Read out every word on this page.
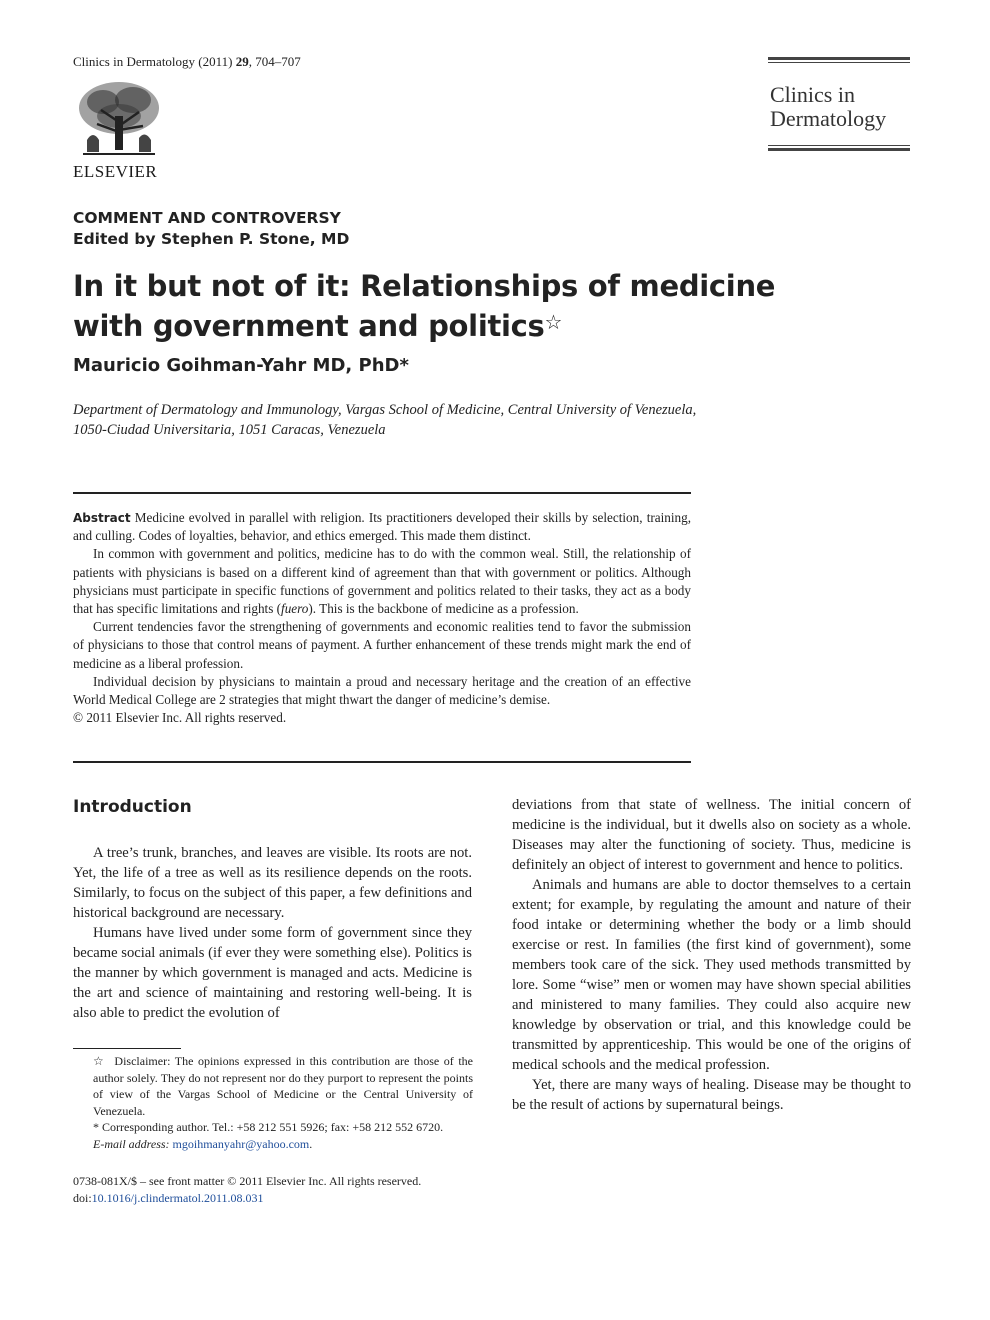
Clinics in Dermatology (2011) 29, 704–707
ELSEVIER
Clinics in
Dermatology
COMMENT AND CONTROVERSY
Edited by Stephen P. Stone, MD
In it but not of it: Relationships of medicine with government and politics☆
Mauricio Goihman-Yahr MD, PhD*
Department of Dermatology and Immunology, Vargas School of Medicine, Central University of Venezuela,
1050-Ciudad Universitaria, 1051 Caracas, Venezuela

Abstract Medicine evolved in parallel with religion. Its practitioners developed their skills by selection, training, and culling. Codes of loyalties, behavior, and ethics emerged. This made them distinct.

In common with government and politics, medicine has to do with the common weal. Still, the relationship of patients with physicians is based on a different kind of agreement than that with government or politics. Although physicians must participate in specific functions of government and politics related to their tasks, they act as a body that has specific limitations and rights (fuero). This is the backbone of medicine as a profession.

Current tendencies favor the strengthening of governments and economic realities tend to favor the submission of physicians to those that control means of payment. A further enhancement of these trends might mark the end of medicine as a liberal profession.

Individual decision by physicians to maintain a proud and necessary heritage and the creation of an effective World Medical College are 2 strategies that might thwart the danger of medicine’s demise.

© 2011 Elsevier Inc. All rights reserved.

Introduction

A tree’s trunk, branches, and leaves are visible. Its roots are not. Yet, the life of a tree as well as its resilience depends on the roots. Similarly, to focus on the subject of this paper, a few definitions and historical background are necessary.

Humans have lived under some form of government since they became social animals (if ever they were something else). Politics is the manner by which government is managed and acts. Medicine is the art and science of maintaining and restoring well-being. It is also able to predict the evolution of

☆ Disclaimer: The opinions expressed in this contribution are those of the author solely. They do not represent nor do they purport to represent the points of view of the Vargas School of Medicine or the Central University of Venezuela.

* Corresponding author. Tel.: +58 212 551 5926; fax: +58 212 552 6720.

E-mail address: mgoihmanyahr@yahoo.com.

0738-081X/$ – see front matter © 2011 Elsevier Inc. All rights reserved.
doi:10.1016/j.clindermatol.2011.08.031

deviations from that state of wellness. The initial concern of medicine is the individual, but it dwells also on society as a whole. Diseases may alter the functioning of society. Thus, medicine is definitely an object of interest to government and hence to politics.

Animals and humans are able to doctor themselves to a certain extent; for example, by regulating the amount and nature of their food intake or determining whether the body or a limb should exercise or rest. In families (the first kind of government), some members took care of the sick. They used methods transmitted by lore. Some “wise” men or women may have shown special abilities and ministered to many families. They could also acquire new knowledge by observation or trial, and this knowledge could be transmitted by apprenticeship. This would be one of the origins of medical schools and the medical profession.

Yet, there are many ways of healing. Disease may be thought to be the result of actions by supernatural beings.
